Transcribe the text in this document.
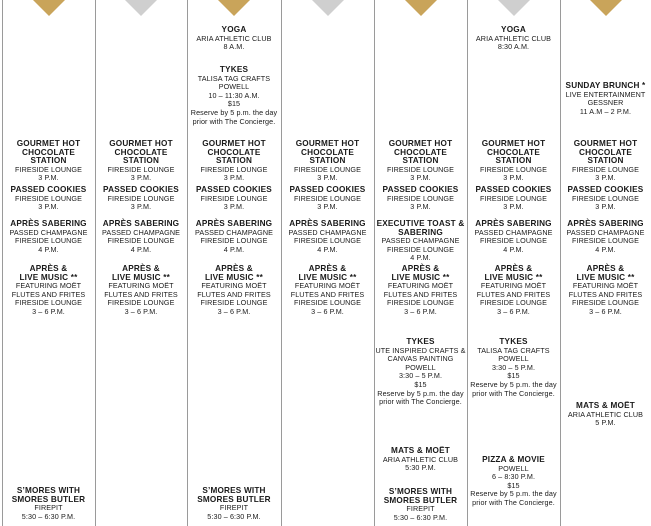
GOURMET HOT
CHOCOLATE
STATION
FIRESIDE LOUNGE
3 P.M.
PASSED COOKIES
FIRESIDE LOUNGE
3 P.M.
APRÈS SABERING
PASSED CHAMPAGNE
FIRESIDE LOUNGE
4 P.M.
APRÈS &
LIVE MUSIC **
FEATURING MOËT
FLUTES AND FRITES
FIRESIDE LOUNGE
3 – 6 P.M.
S’MORES WITH
SMORES BUTLER
FIREPIT
5:30 – 6:30 P.M.
GOURMET HOT
CHOCOLATE
STATION
FIRESIDE LOUNGE
3 P.M.
PASSED COOKIES
FIRESIDE LOUNGE
3 P.M.
APRÈS SABERING
PASSED CHAMPAGNE
FIRESIDE LOUNGE
4 P.M.
APRÈS &
LIVE MUSIC **
FEATURING MOËT
FLUTES AND FRITES
FIRESIDE LOUNGE
3 – 6 P.M.
YOGA
ARIA ATHLETIC CLUB
8 A.M.
TYKES
TALISA TAG CRAFTS
POWELL
10 – 11:30 A.M.
$15
Reserve by 5 p.m. the day
prior with The Concierge.
GOURMET HOT
CHOCOLATE
STATION
FIRESIDE LOUNGE
3 P.M.
PASSED COOKIES
FIRESIDE LOUNGE
3 P.M.
APRÈS SABERING
PASSED CHAMPAGNE
FIRESIDE LOUNGE
4 P.M.
APRÈS &
LIVE MUSIC **
FEATURING MOËT
FLUTES AND FRITES
FIRESIDE LOUNGE
3 – 6 P.M.
S’MORES WITH
SMORES BUTLER
FIREPIT
5:30 – 6:30 P.M.
GOURMET HOT
CHOCOLATE
STATION
FIRESIDE LOUNGE
3 P.M.
PASSED COOKIES
FIRESIDE LOUNGE
3 P.M.
APRÈS SABERING
PASSED CHAMPAGNE
FIRESIDE LOUNGE
4 P.M.
APRÈS &
LIVE MUSIC **
FEATURING MOËT
FLUTES AND FRITES
FIRESIDE LOUNGE
3 – 6 P.M.
GOURMET HOT
CHOCOLATE
STATION
FIRESIDE LOUNGE
3 P.M.
PASSED COOKIES
FIRESIDE LOUNGE
3 P.M.
EXECUTIVE TOAST &
SABERING
PASSED CHAMPAGNE
FIRESIDE LOUNGE
4 P.M.
APRÈS &
LIVE MUSIC **
FEATURING MOËT
FLUTES AND FRITES
FIRESIDE LOUNGE
3 – 6 P.M.
TYKES
UTE INSPIRED CRAFTS &
CANVAS PAINTING
POWELL
3:30 – 5 P.M.
$15
Reserve by 5 p.m. the day
prior with The Concierge.
MATS & MOËT
ARIA ATHLETIC CLUB
5:30 P.M.
S’MORES WITH
SMORES BUTLER
FIREPIT
5:30 – 6:30 P.M.
YOGA
ARIA ATHLETIC CLUB
8:30 A.M.
GOURMET HOT
CHOCOLATE
STATION
FIRESIDE LOUNGE
3 P.M.
PASSED COOKIES
FIRESIDE LOUNGE
3 P.M.
APRÈS SABERING
PASSED CHAMPAGNE
FIRESIDE LOUNGE
4 P.M.
APRÈS &
LIVE MUSIC **
FEATURING MOËT
FLUTES AND FRITES
FIRESIDE LOUNGE
3 – 6 P.M.
TYKES
TALISA TAG CRAFTS
POWELL
3:30 – 5 P.M.
$15
Reserve by 5 p.m. the day
prior with The Concierge.
PIZZA & MOVIE
POWELL
6 – 8:30 P.M.
$15
Reserve by 5 p.m. the day
prior with The Concierge.
SUNDAY BRUNCH *
LIVE ENTERTAINMENT
GESSNER
11 A.M – 2 P.M.
GOURMET HOT
CHOCOLATE
STATION
FIRESIDE LOUNGE
3 P.M.
PASSED COOKIES
FIRESIDE LOUNGE
3 P.M.
APRÈS SABERING
PASSED CHAMPAGNE
FIRESIDE LOUNGE
4 P.M.
APRÈS &
LIVE MUSIC **
FEATURING MOËT
FLUTES AND FRITES
FIRESIDE LOUNGE
3 – 6 P.M.
MATS & MOËT
ARIA ATHLETIC CLUB
5 P.M.
